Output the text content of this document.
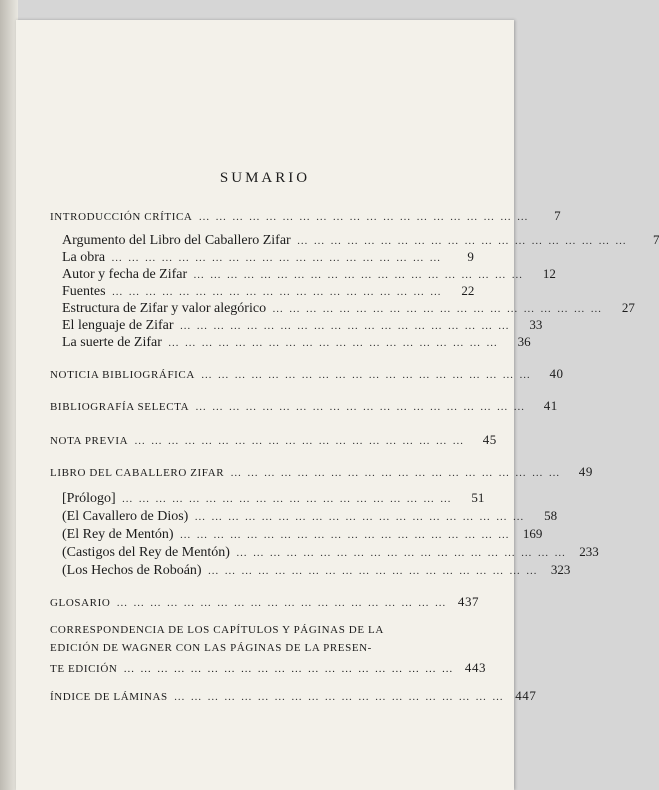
SUMARIO
INTRODUCCIÓN CRÍTICA … … … … … … … … … … … … … … … … … … … …	7
Argumento del Libro del Caballero Zifar … … … … … … … … … … … … … … … … … … … …	7
La obra … … … … … … … … … … … … … … … … … … … …	9
Autor y fecha de Zifar … … … … … … … … … … … … … … … … … … … …	12
Fuentes … … … … … … … … … … … … … … … … … … … …	22
Estructura de Zifar y valor alegórico … … … … … … … … … … … … … … … … … … … …	27
El lenguaje de Zifar … … … … … … … … … … … … … … … … … … … …	33
La suerte de Zifar … … … … … … … … … … … … … … … … … … … …	36
NOTICIA BIBLIOGRÁFICA … … … … … … … … … … … … … … … … … … … …	40
BIBLIOGRAFÍA SELECTA … … … … … … … … … … … … … … … … … … … …	41
NOTA PREVIA … … … … … … … … … … … … … … … … … … … …	45
LIBRO DEL CABALLERO ZIFAR … … … … … … … … … … … … … … … … … … … …	49
[Prólogo] … … … … … … … … … … … … … … … … … … … …	51
(El Cavallero de Dios) … … … … … … … … … … … … … … … … … … … …	58
(El Rey de Mentón) … … … … … … … … … … … … … … … … … … … … 169
(Castigos del Rey de Mentón) … … … … … … … … … … … … … … … … … … … … 233
(Los Hechos de Roboán) … … … … … … … … … … … … … … … … … … … … 323
GLOSARIO … … … … … … … … … … … … … … … … … … … … 437
CORRESPONDENCIA DE LOS CAPÍTULOS Y PÁGINAS DE LA
EDICIÓN DE WAGNER CON LAS PÁGINAS DE LA PRESEN-
TE EDICIÓN … … … … … … … … … … … … … … … … … … … … 443
ÍNDICE DE LÁMINAS … … … … … … … … … … … … … … … … … … … … 447
